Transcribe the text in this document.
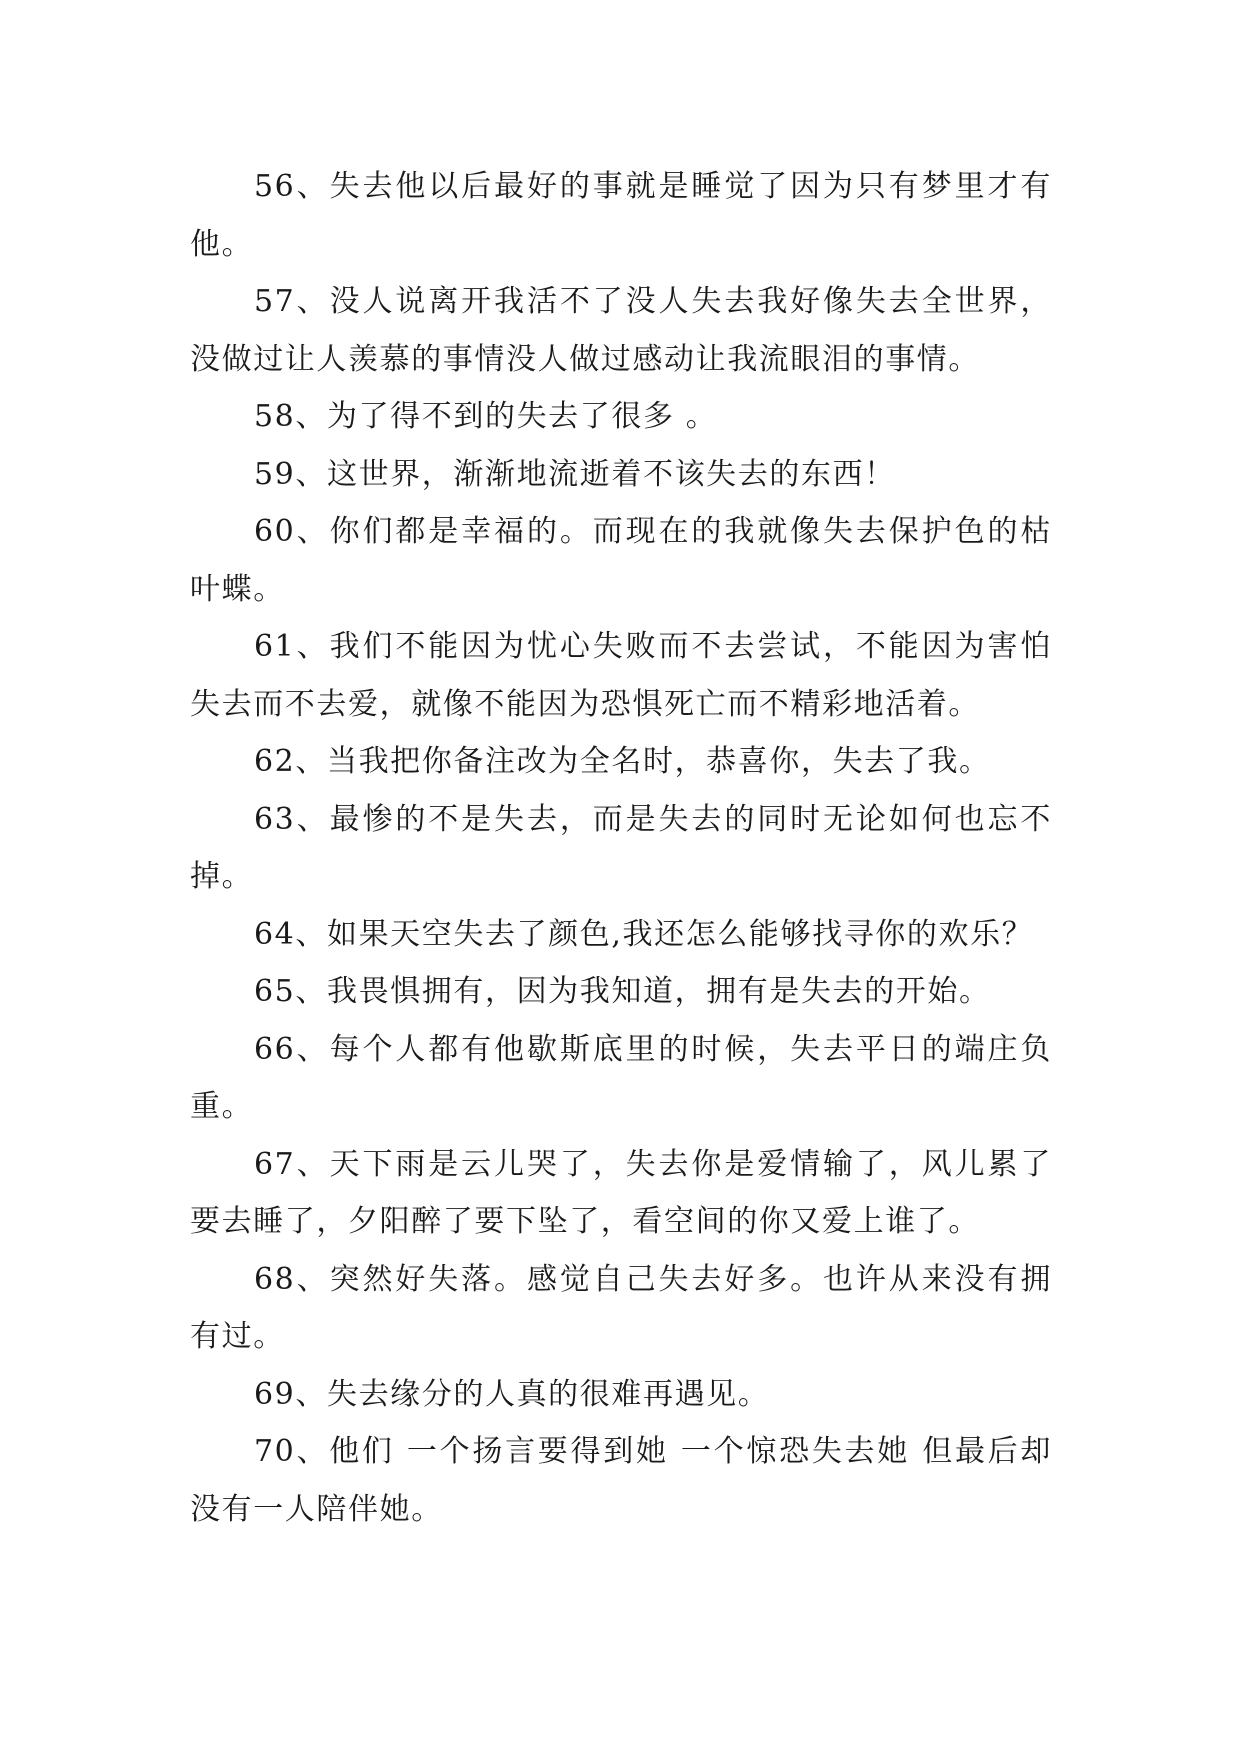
56、失去他以后最好的事就是睡觉了因为只有梦里才有他。

57、没人说离开我活不了没人失去我好像失去全世界，没做过让人羡慕的事情没人做过感动让我流眼泪的事情。

58、为了得不到的失去了很多 。

59、这世界，渐渐地流逝着不该失去的东西！

60、你们都是幸福的。而现在的我就像失去保护色的枯叶蝶。

61、我们不能因为忧心失败而不去尝试，不能因为害怕失去而不去爱，就像不能因为恐惧死亡而不精彩地活着。

62、当我把你备注改为全名时，恭喜你，失去了我。

63、最惨的不是失去，而是失去的同时无论如何也忘不掉。

64、如果天空失去了颜色,我还怎么能够找寻你的欢乐？

65、我畏惧拥有，因为我知道，拥有是失去的开始。

66、每个人都有他歇斯底里的时候，失去平日的端庄负重。

67、天下雨是云儿哭了，失去你是爱情输了，风儿累了要去睡了，夕阳醉了要下坠了，看空间的你又爱上谁了。

68、突然好失落。感觉自己失去好多。也许从来没有拥有过。

69、失去缘分的人真的很难再遇见。

70、他们 一个扬言要得到她 一个惊恐失去她 但最后却没有一人陪伴她。
